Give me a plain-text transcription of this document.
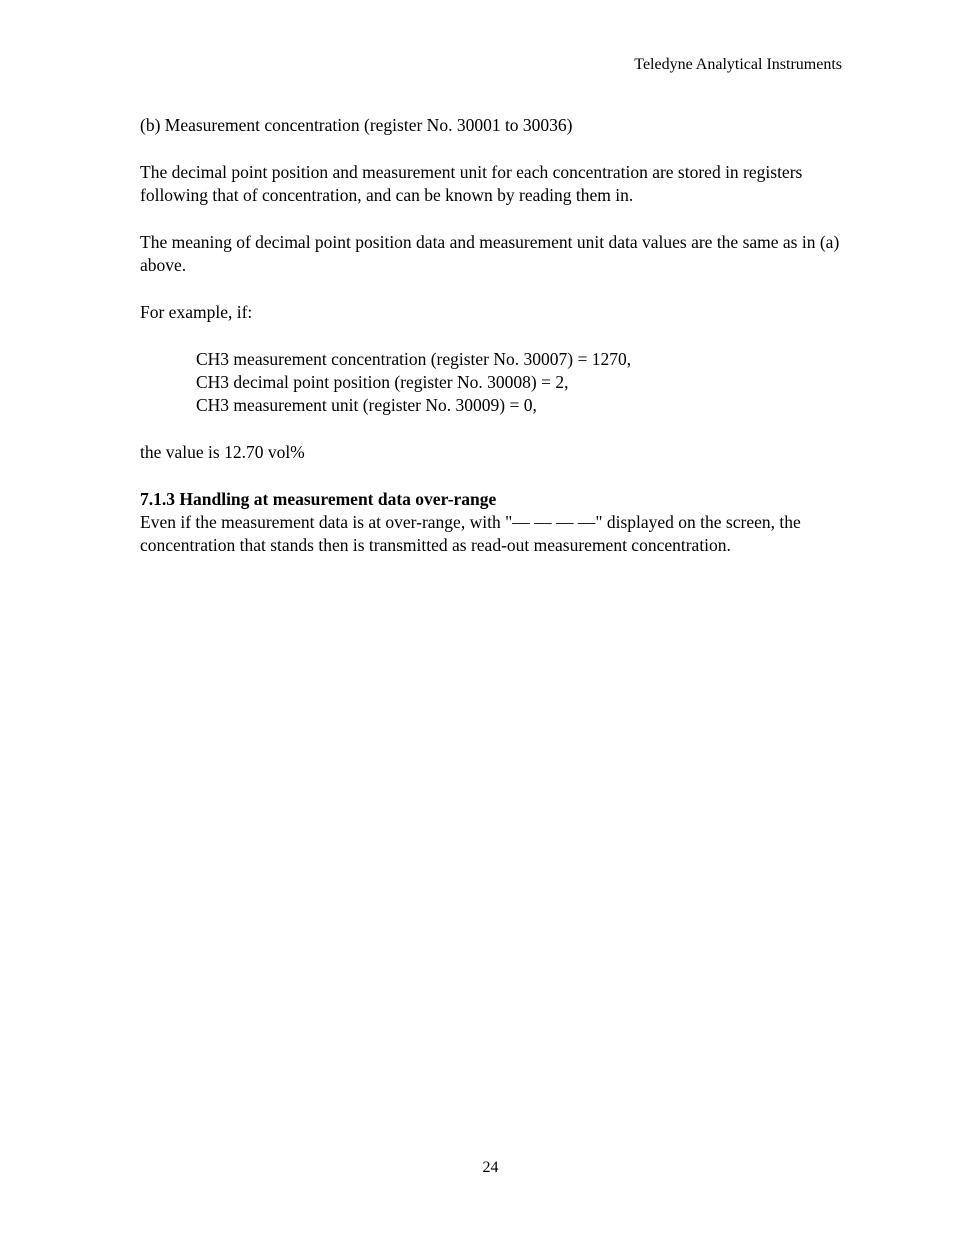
Teledyne Analytical Instruments

(b) Measurement concentration (register No. 30001 to 30036)

The decimal point position and measurement unit for each concentration are stored in registers following that of concentration, and can be known by reading them in.

The meaning of decimal point position data and measurement unit data values are the same as in (a) above.

For example, if:

CH3 measurement concentration (register No. 30007) = 1270,
CH3 decimal point position (register No. 30008) = 2,
CH3 measurement unit (register No. 30009) = 0,

the value is 12.70 vol%

7.1.3 Handling at measurement data over-range

Even if the measurement data is at over-range, with "— — — —" displayed on the screen, the concentration that stands then is transmitted as read-out measurement concentration.

24
